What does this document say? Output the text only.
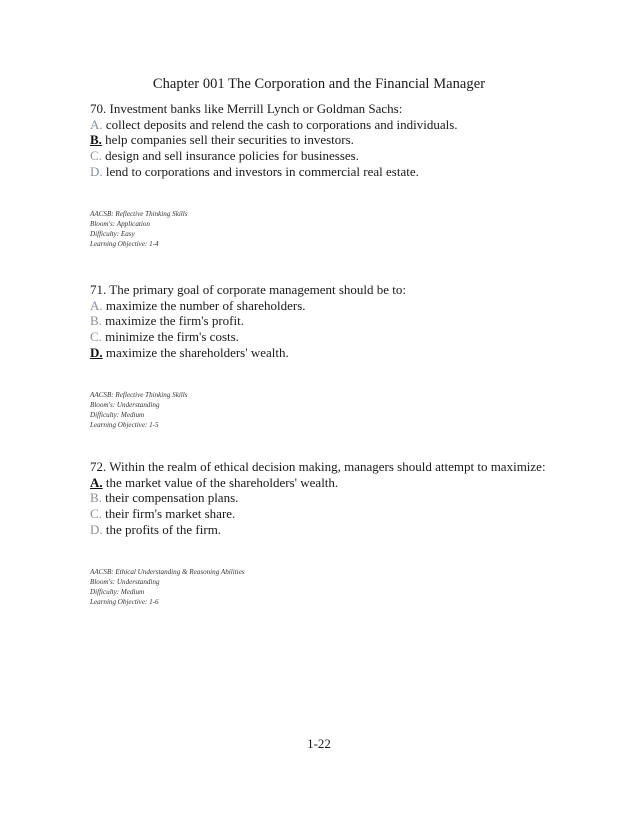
Chapter 001 The Corporation and the Financial Manager
70. Investment banks like Merrill Lynch or Goldman Sachs:
A. collect deposits and relend the cash to corporations and individuals.
B. help companies sell their securities to investors.
C. design and sell insurance policies for businesses.
D. lend to corporations and investors in commercial real estate.
AACSB: Reflective Thinking Skills
Bloom's: Application
Difficulty: Easy
Learning Objective: 1-4
71. The primary goal of corporate management should be to:
A. maximize the number of shareholders.
B. maximize the firm's profit.
C. minimize the firm's costs.
D. maximize the shareholders' wealth.
AACSB: Reflective Thinking Skills
Bloom's: Understanding
Difficulty: Medium
Learning Objective: 1-5
72. Within the realm of ethical decision making, managers should attempt to maximize:
A. the market value of the shareholders' wealth.
B. their compensation plans.
C. their firm's market share.
D. the profits of the firm.
AACSB: Ethical Understanding & Reasoning Abilities
Bloom's: Understanding
Difficulty: Medium
Learning Objective: 1-6
1-22
